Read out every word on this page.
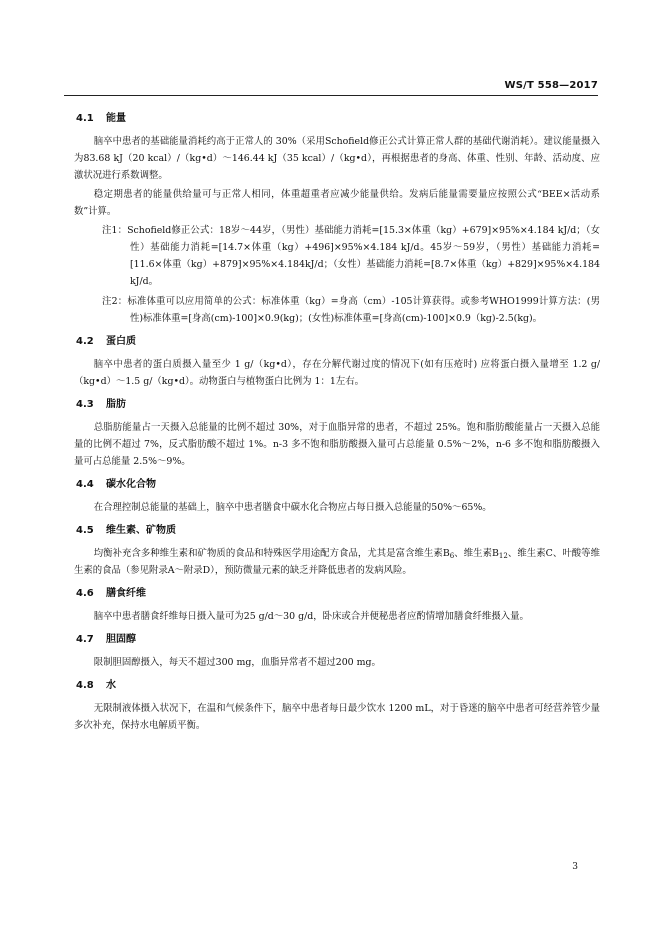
WS/T 558—2017
4.1 能量

脑卒中患者的基础能量消耗约高于正常人的 30%（采用Schofield修正公式计算正常人群的基础代谢消耗）。建议能量摄入为83.68 kJ（20 kcal）/（kg•d）～146.44 kJ（35 kcal）/（kg•d），再根据患者的身高、体重、性别、年龄、活动度、应激状况进行系数调整。

稳定期患者的能量供给量可与正常人相同，体重超重者应减少能量供给。发病后能量需要量应按照公式“BEE×活动系数”计算。

注1：Schofield修正公式：18岁～44岁，（男性）基础能力消耗=[15.3×体重（kg）+679]×95%×4.184 kJ/d；（女性）基础能力消耗=[14.7×体重（kg）+496]×95%×4.184 kJ/d。45岁～59岁，（男性）基础能力消耗=[11.6×体重（kg）+879]×95%×4.184kJ/d；（女性）基础能力消耗=[8.7×体重（kg）+829]×95%×4.184 kJ/d。
注2：标准体重可以应用简单的公式：标准体重（kg）=身高（cm）-105计算获得。或参考WHO1999计算方法：(男性)标准体重=[身高(cm)-100]×0.9(kg)；(女性)标准体重=[身高(cm)-100]×0.9（kg)-2.5(kg)。
4.2 蛋白质

脑卒中患者的蛋白质摄入量至少 1 g/（kg•d），存在分解代谢过度的情况下(如有压疮时) 应将蛋白摄入量增至 1.2 g/（kg•d）～1.5 g/（kg•d）。动物蛋白与植物蛋白比例为 1：1左右。

4.3 脂肪

总脂肪能量占一天摄入总能量的比例不超过 30%，对于血脂异常的患者，不超过 25%。饱和脂肪酸能量占一天摄入总能量的比例不超过 7%，反式脂肪酸不超过 1%。n-3 多不饱和脂肪酸摄入量可占总能量 0.5%～2%，n-6 多不饱和脂肪酸摄入量可占总能量 2.5%～9%。

4.4 碳水化合物

在合理控制总能量的基础上，脑卒中患者膳食中碳水化合物应占每日摄入总能量的50%～65%。

4.5 维生素、矿物质

均衡补充含多种维生素和矿物质的食品和特殊医学用途配方食品，尤其是富含维生素$B_6$、维生素$B_{12}$、维生素C、叶酸等维生素的食品（参见附录A～附录D），预防微量元素的缺乏并降低患者的发病风险。

4.6 膳食纤维

脑卒中患者膳食纤维每日摄入量可为25 g/d～30 g/d，卧床或合并便秘患者应酌情增加膳食纤维摄入量。

4.7 胆固醇

限制胆固醇摄入，每天不超过300 mg，血脂异常者不超过200 mg。

4.8 水

无限制液体摄入状况下，在温和气候条件下，脑卒中患者每日最少饮水 1200 mL，对于昏迷的脑卒中患者可经营养管少量多次补充，保持水电解质平衡。

3
